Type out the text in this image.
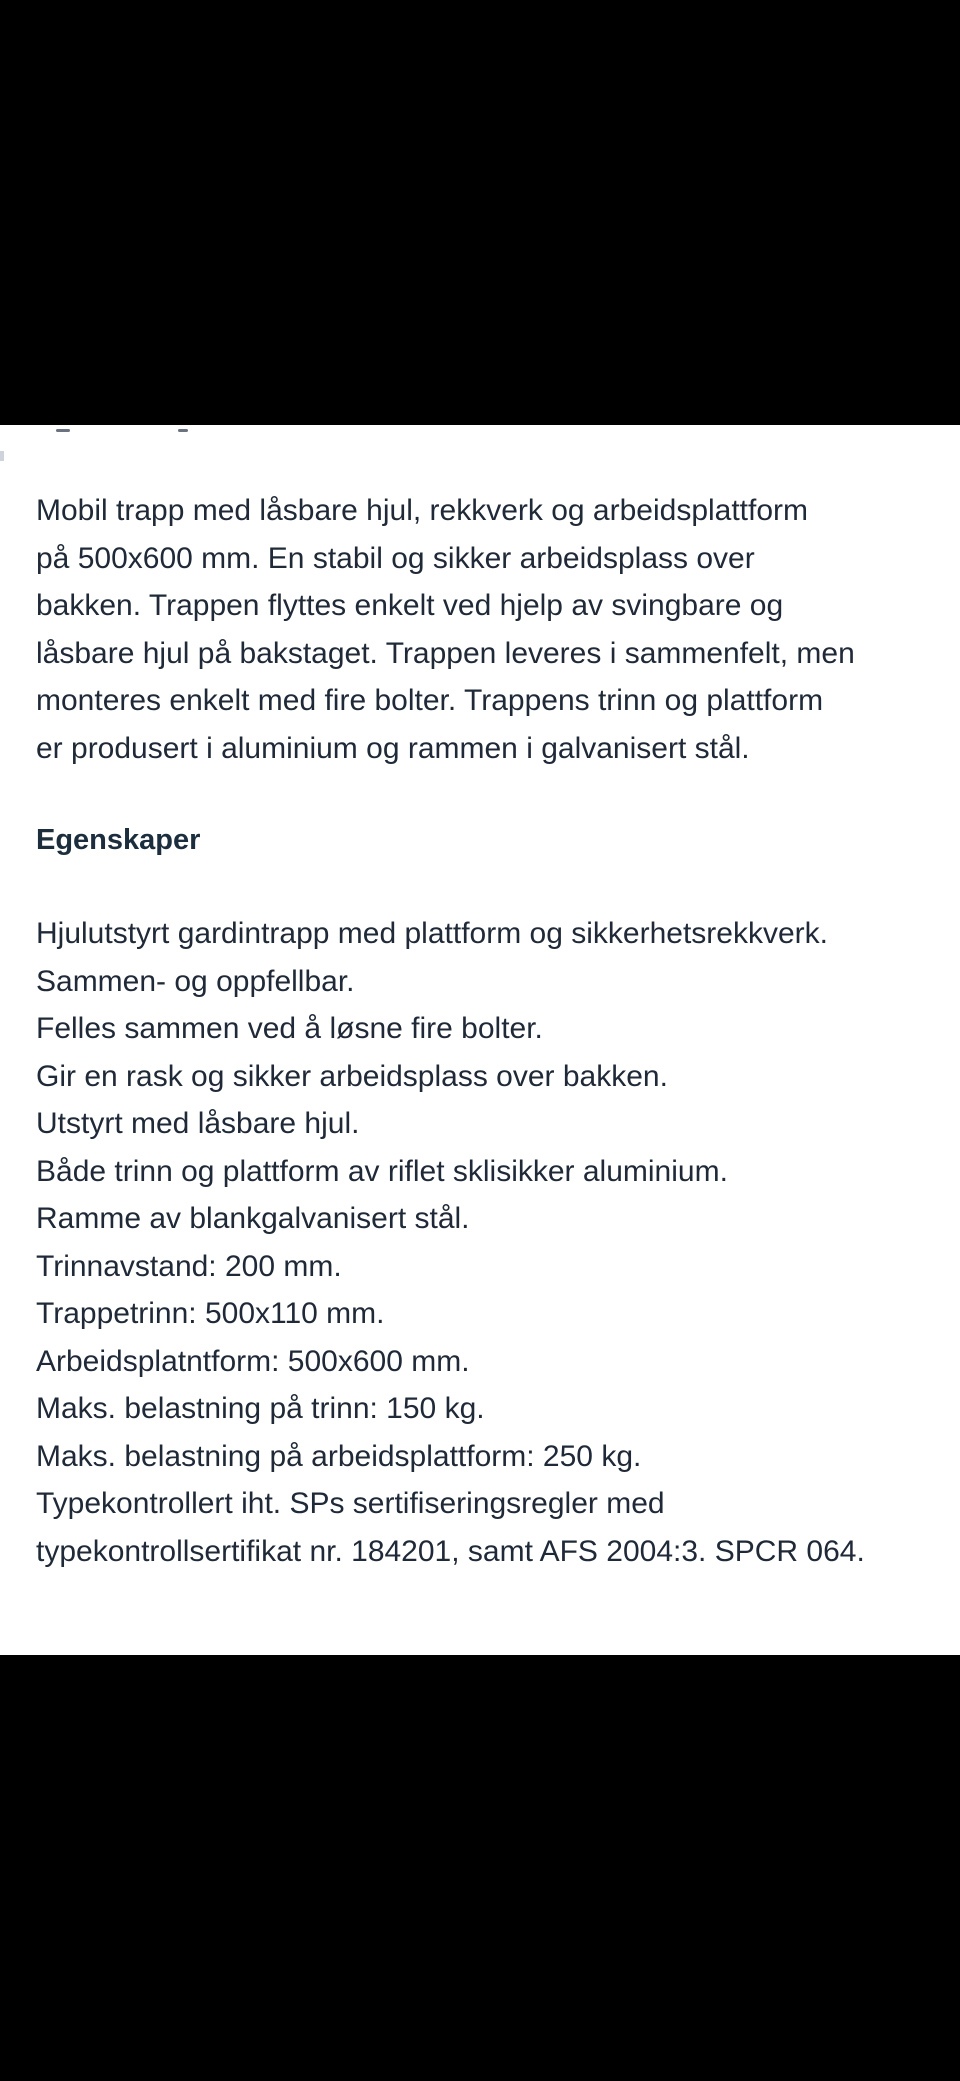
Mobil trapp med låsbare hjul, rekkverk og arbeidsplattform
på 500x600 mm. En stabil og sikker arbeidsplass over
bakken. Trappen flyttes enkelt ved hjelp av svingbare og
låsbare hjul på bakstaget. Trappen leveres i sammenfelt, men
monteres enkelt med fire bolter. Trappens trinn og plattform
er produsert i aluminium og rammen i galvanisert stål.

Egenskaper
Hjulutstyrt gardintrapp med plattform og sikkerhetsrekkverk.
Sammen- og oppfellbar.
Felles sammen ved å løsne fire bolter.
Gir en rask og sikker arbeidsplass over bakken.
Utstyrt med låsbare hjul.
Både trinn og plattform av riflet sklisikker aluminium.
Ramme av blankgalvanisert stål.
Trinnavstand: 200 mm.
Trappetrinn: 500x110 mm.
Arbeidsplatntform: 500x600 mm.
Maks. belastning på trinn: 150 kg.
Maks. belastning på arbeidsplattform: 250 kg.
Typekontrollert iht. SPs sertifiseringsregler med
typekontrollsertifikat nr. 184201, samt AFS 2004:3. SPCR 064.
